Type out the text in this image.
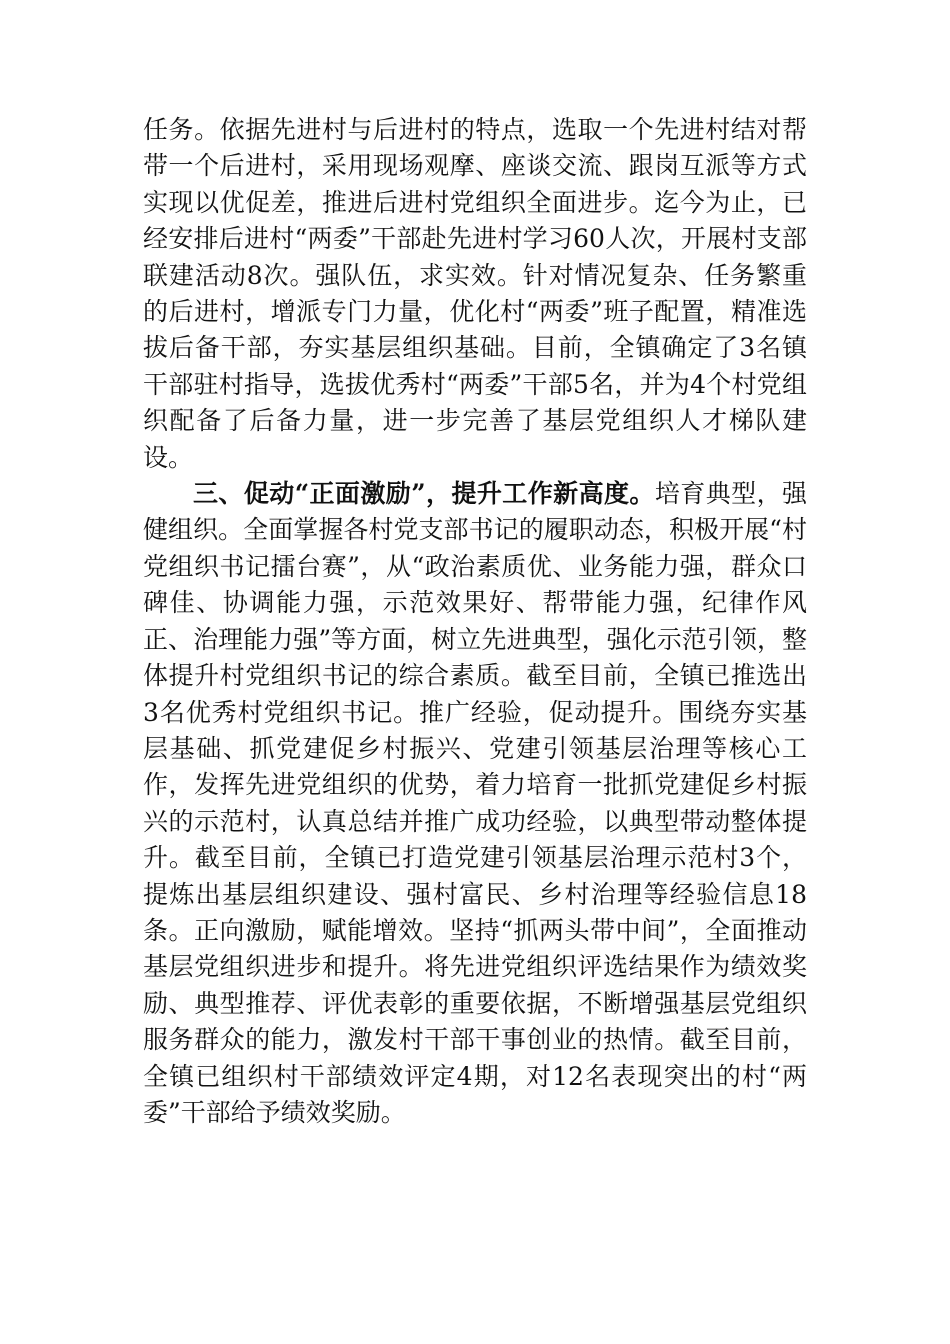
任务。依据先进村与后进村的特点，选取一个先进村结对帮带一个后进村，采用现场观摩、座谈交流、跟岗互派等方式实现以优促差，推进后进村党组织全面进步。迄今为止，已经安排后进村“两委”干部赴先进村学习60人次，开展村支部联建活动8次。强队伍，求实效。针对情况复杂、任务繁重的后进村，增派专门力量，优化村“两委”班子配置，精准选拔后备干部，夯实基层组织基础。目前，全镇确定了3名镇干部驻村指导，选拔优秀村“两委”干部5名，并为4个村党组织配备了后备力量，进一步完善了基层党组织人才梯队建设。

三、促动“正面激励”，提升工作新高度。培育典型，强健组织。全面掌握各村党支部书记的履职动态，积极开展“村党组织书记擂台赛”，从“政治素质优、业务能力强，群众口碑佳、协调能力强，示范效果好、帮带能力强，纪律作风正、治理能力强”等方面，树立先进典型，强化示范引领，整体提升村党组织书记的综合素质。截至目前，全镇已推选出3名优秀村党组织书记。推广经验，促动提升。围绕夯实基层基础、抓党建促乡村振兴、党建引领基层治理等核心工作，发挥先进党组织的优势，着力培育一批抓党建促乡村振兴的示范村，认真总结并推广成功经验，以典型带动整体提升。截至目前，全镇已打造党建引领基层治理示范村3个，提炼出基层组织建设、强村富民、乡村治理等经验信息18条。正向激励，赋能增效。坚持“抓两头带中间”，全面推动基层党组织进步和提升。将先进党组织评选结果作为绩效奖励、典型推荐、评优表彰的重要依据，不断增强基层党组织服务群众的能力，激发村干部干事创业的热情。截至目前，全镇已组织村干部绩效评定4期，对12名表现突出的村“两委”干部给予绩效奖励。
